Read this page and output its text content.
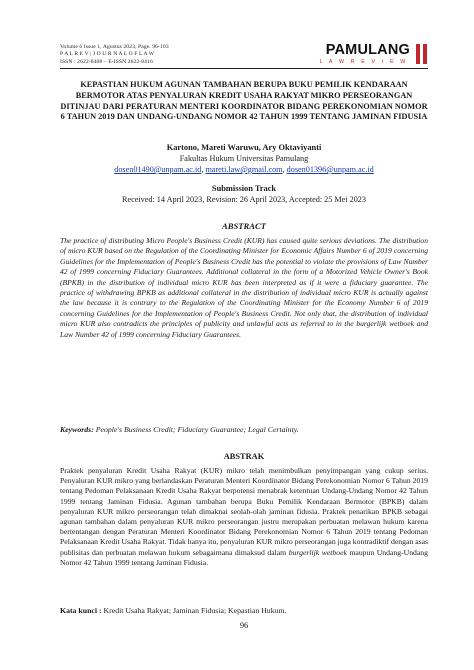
Volume 6 Issue 1, Agustus 2023, Page. 96-103
P A L R E V | J O U R N A L O F L A W
ISSN : 2622-8408 – E-ISSN 2622-8416
PAMULANG
L A W R E V I E W
KEPASTIAN HUKUM AGUNAN TAMBAHAN BERUPA BUKU PEMILIK KENDARAAN BERMOTOR ATAS PENYALURAN KREDIT USAHA RAKYAT MIKRO PERSEORANGAN DITINJAU DARI PERATURAN MENTERI KOORDINATOR BIDANG PEREKONOMIAN NOMOR 6 TAHUN 2019 DAN UNDANG-UNDANG NOMOR 42 TAHUN 1999 TENTANG JAMINAN FIDUSIA
Kartono, Mareti Waruwu, Ary Oktaviyanti
Fakultas Hukum Universitas Pamulang
dosen01490@unpam.ac.id, mareti.law@gmail.com, dosen01396@unpam.ac.id
Submission Track
Received: 14 April 2023, Revision: 26 April 2023, Accepted: 25 Mei 2023
ABSTRACT
The practice of distributing Micro People's Business Credit (KUR) has caused quite serious deviations. The distribution of micro KUR based on the Regulation of the Coordinating Minister for Economic Affairs Number 6 of 2019 concerning Guidelines for the Implementation of People's Business Credit has the potential to violate the provisions of Law Number 42 of 1999 concerning Fiduciary Guarantees. Additional collateral in the form of a Motorized Vehicle Owner's Book (BPKB) in the distribution of individual micro KUR has been interpreted as if it were a fiduciary guarantee. The practice of withdrawing BPKB as additional collateral in the distribution of individual micro KUR is actually against the law because it is contrary to the Regulation of the Coordinating Minister for the Economy Number 6 of 2019 concerning Guidelines for the Implementation of People's Business Credit. Not only that, the distribution of individual micro KUR also contradicts the principles of publicity and unlawful acts as referred to in the burgerlijk wetboek and Law Number 42 of 1999 concerning Fiduciary Guarantees.
Keywords: People's Business Credit; Fiduciary Guarantee; Legal Certainty.
ABSTRAK
Praktek penyaluran Kredit Usaha Rakyat (KUR) mikro telah menimbulkan penyimpangan yang cukup serius. Penyaluran KUR mikro yang berlandaskan Peraturan Menteri Koordinator Bidang Perekonomian Nomor 6 Tahun 2019 tentang Pedoman Pelaksanaan Kredit Usaha Rakyat berpotensi menabrak ketentuan Undang-Undang Nomor 42 Tahun 1999 tentang Jaminan Fidusia. Agunan tambahan berupa Buku Pemilik Kendaraan Bermotor (BPKB) dalam penyaluran KUR mikro perseorangan telah dimaknai seolah-olah jaminan fidusia. Praktek penarikan BPKB sebagai agunan tambahan dalam penyaluran KUR mikro perseorangan justru merupakan perbuatan melawan hukum karena bertentangan dengan Peraturan Menteri Koordinator Bidang Perekonomian Nomor 6 Tahun 2019 tentang Pedoman Pelaksanaan Kredit Usaha Rakyat. Tidak hanya itu, penyaluran KUR mikro perseorangan juga kontradiktif dengan asas publisitas dan perbuatan melawan hukum sebagaimana dimaksud dalam burgerlijk wetboek maupun Undang-Undang Nomor 42 Tahun 1999 tentang Jaminan Fidusia.
Kata kunci : Kredit Usaha Rakyat; Jaminan Fidusia; Kepastian Hukum.
96
